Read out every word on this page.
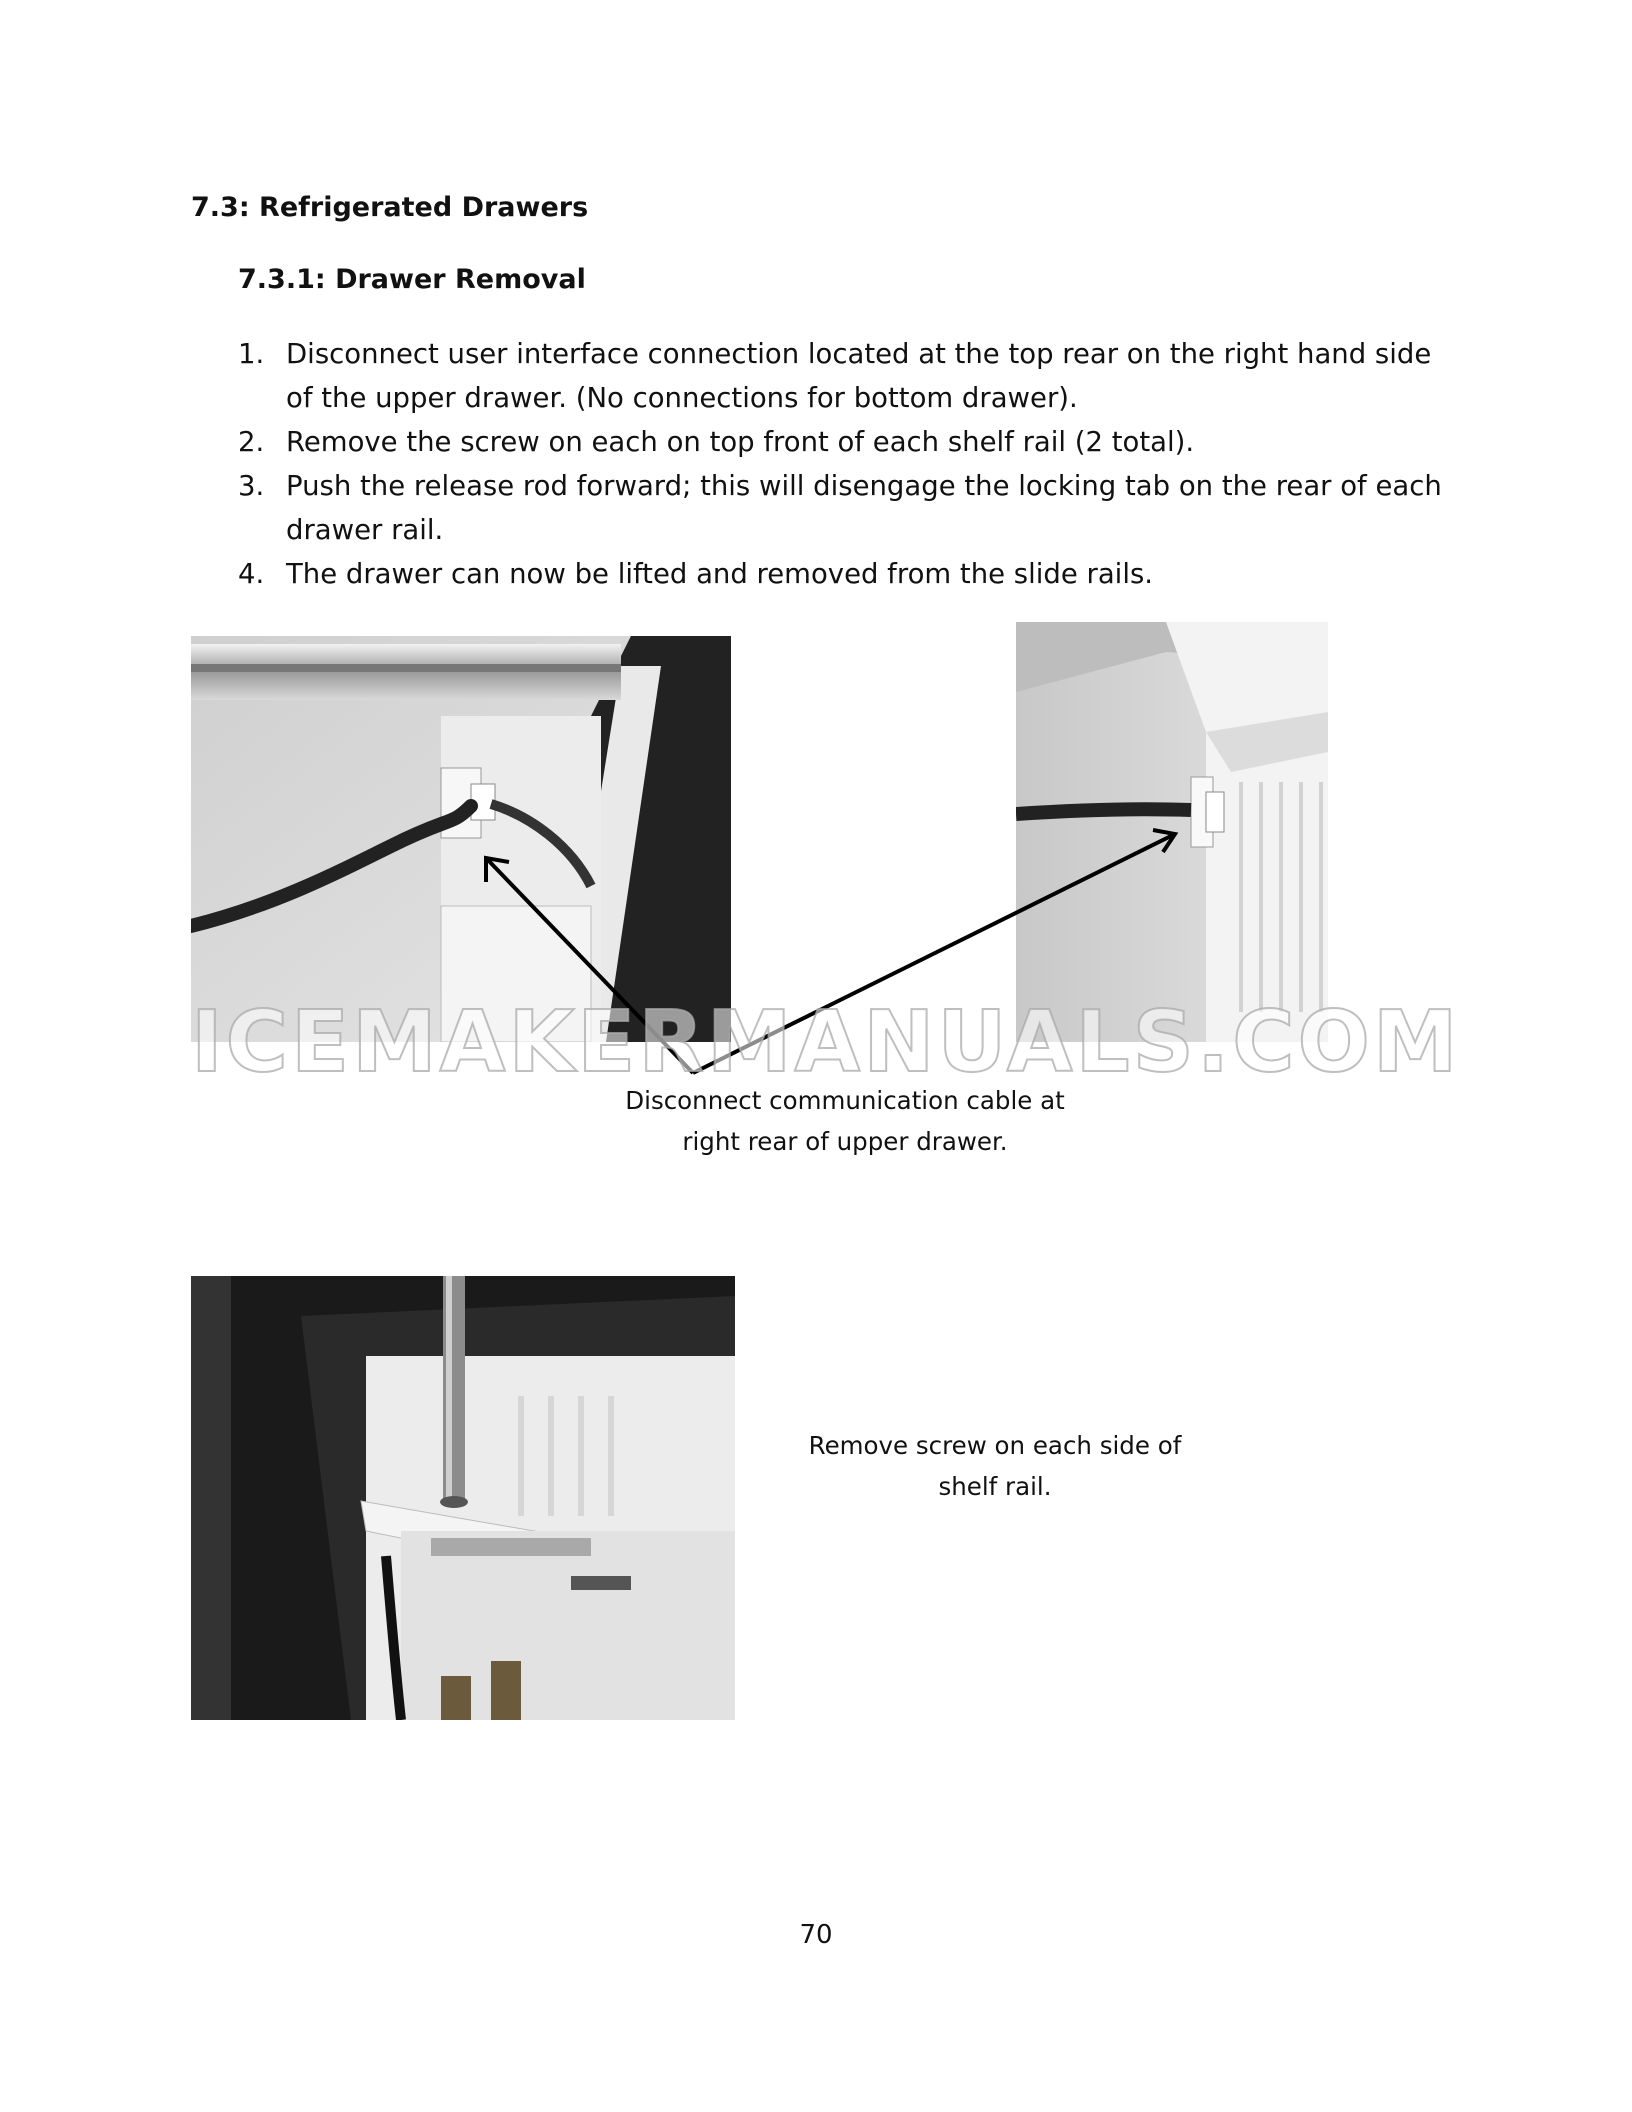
7.3: Refrigerated Drawers
7.3.1: Drawer Removal
1. Disconnect user interface connection located at the top rear on the right hand side of the upper drawer. (No connections for bottom drawer).
2. Remove the screw on each on top front of each shelf rail (2 total).
3. Push the release rod forward; this will disengage the locking tab on the rear of each drawer rail.
4. The drawer can now be lifted and removed from the slide rails.
ICEMAKERMANUALS.COM
Disconnect communication cable at
right rear of upper drawer.
Remove screw on each side of
shelf rail.
70
